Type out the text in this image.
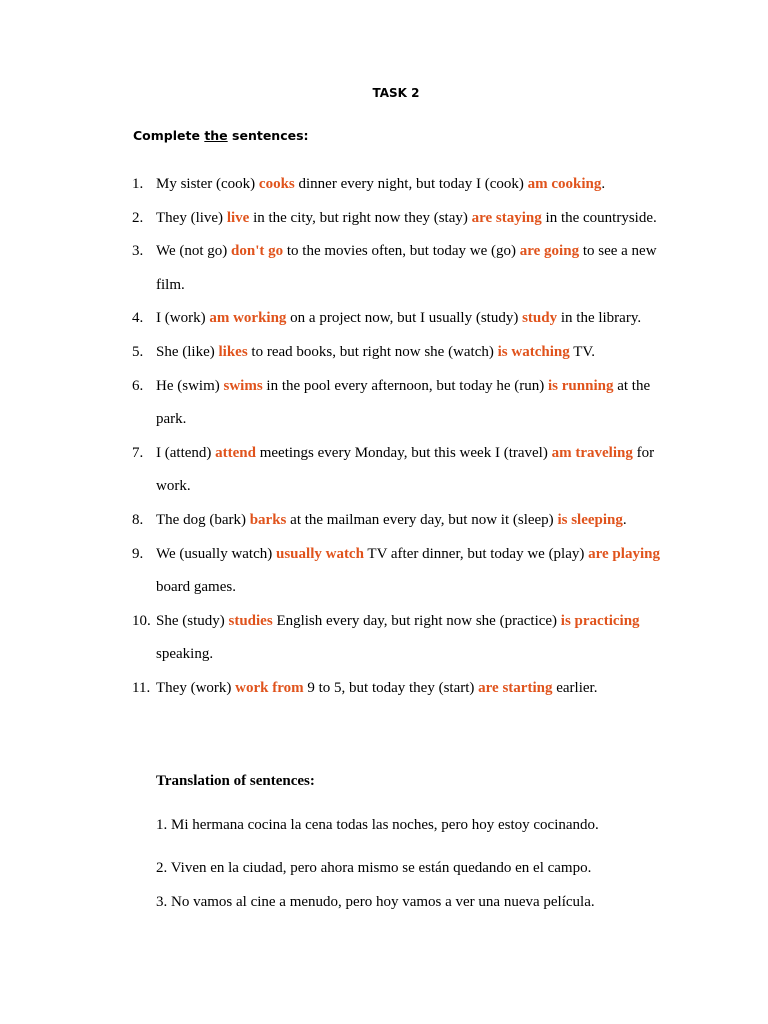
TASK 2
Complete the sentences:
1. My sister (cook) cooks dinner every night, but today I (cook) am cooking.
2. They (live) live in the city, but right now they (stay) are staying in the countryside.
3. We (not go) don't go to the movies often, but today we (go) are going to see a new film.
4. I (work) am working on a project now, but I usually (study) study in the library.
5. She (like) likes to read books, but right now she (watch) is watching TV.
6. He (swim) swims in the pool every afternoon, but today he (run) is running at the park.
7. I (attend) attend meetings every Monday, but this week I (travel) am traveling for work.
8. The dog (bark) barks at the mailman every day, but now it (sleep) is sleeping.
9. We (usually watch) usually watch TV after dinner, but today we (play) are playing board games.
10. She (study) studies English every day, but right now she (practice) is practicing speaking.
11. They (work) work from 9 to 5, but today they (start) are starting earlier.
Translation of sentences:
1. Mi hermana cocina la cena todas las noches, pero hoy estoy cocinando.
2. Viven en la ciudad, pero ahora mismo se están quedando en el campo.
3. No vamos al cine a menudo, pero hoy vamos a ver una nueva película.
